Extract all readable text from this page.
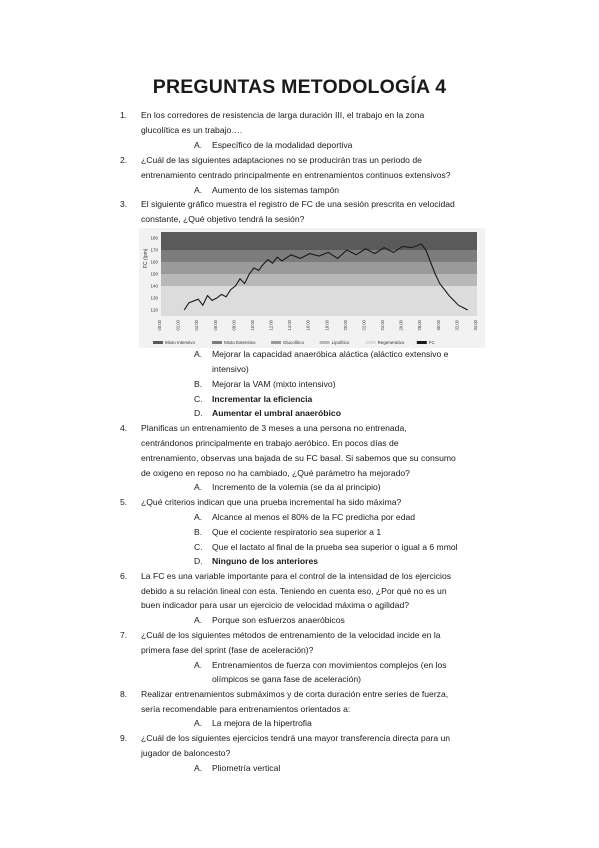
PREGUNTAS METODOLOGÍA 4
1. En los corredores de resistencia de larga duración III, el trabajo en la zona
glucolítica es un trabajo….
A. Específico de la modalidad deportiva
2. ¿Cuál de las siguientes adaptaciones no se producirán tras un periodo de
entrenamiento centrado principalmente en entrenamientos continuos extensivos?
A. Aumento de los sistemas tampón
3. El siguiente gráfico muestra el registro de FC de una sesión prescrita en velocidad
constante, ¿Qué objetivo tendrá la sesión?
180
170
160
150
140
130
120
00:00	02:00	04:00	06:00	08:00	10:00	12:00	14:00	16:00	18:00	20:00	22:00	24:00	26:00	28:00	30:00	32:00	34:00
FC (lpm)
Mixto Intensivo	Mixto Extensivo	Glucolítico	Lipolítico	Regenerativo	FC
A. Mejorar la capacidad anaeróbica aláctica (aláctico extensivo e
intensivo)
B. Mejorar la VAM (mixto intensivo)
C. Incrementar la eficiencia
D. Aumentar el umbral anaeróbico
4. Planificas un entrenamiento de 3 meses a una persona no entrenada,
centrándonos principalmente en trabajo aeróbico. En pocos días de
entrenamiento, observas una bajada de su FC basal. Si sabemos que su consumo
de oxigeno en reposo no ha cambiado, ¿Qué parámetro ha mejorado?
A. Incremento de la volemia (se da al principio)
5. ¿Qué criterios indican que una prueba incremental ha sido máxima?
A. Alcance al menos el 80% de la FC predicha por edad
B. Que el cociente respiratorio sea superior a 1
C. Que el lactato al final de la prueba sea superior o igual a 6 mmol
D. Ninguno de los anteriores
6. La FC es una variable importante para el control de la intensidad de los ejercicios
debido a su relación lineal con esta. Teniendo en cuenta eso, ¿Por qué no es un
buen indicador para usar un ejercicio de velocidad máxima o agilidad?
A. Porque son esfuerzos anaeróbicos
7. ¿Cuál de los siguientes métodos de entrenamiento de la velocidad incide en la
primera fase del sprint (fase de aceleración)?
A. Entrenamientos de fuerza con movimientos complejos (en los
olímpicos se gana fase de aceleración)
8. Realizar entrenamientos submáximos y de corta duración entre series de fuerza,
sería recomendable para entrenamientos orientados a:
A. La mejora de la hipertrofia
9. ¿Cuál de los siguientes ejercicios tendrá una mayor transferencia directa para un
jugador de baloncesto?
A. Pliometría vertical
